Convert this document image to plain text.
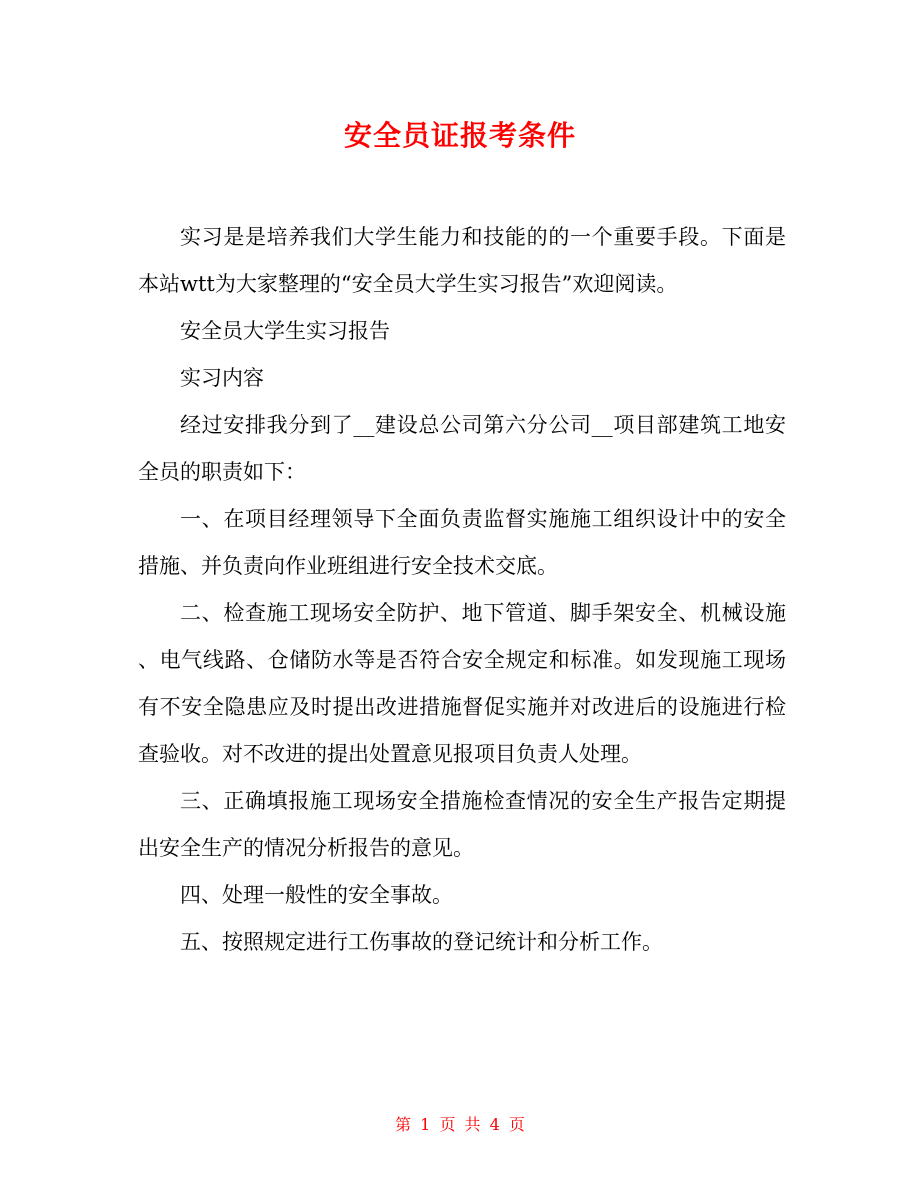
安全员证报考条件

实习是是培养我们大学生能力和技能的的一个重要手段。下面是本站wtt为大家整理的“安全员大学生实习报告”欢迎阅读。

安全员大学生实习报告

实习内容

经过安排我分到了__建设总公司第六分公司__项目部建筑工地安全员的职责如下：

一、在项目经理领导下全面负责监督实施施工组织设计中的安全措施、并负责向作业班组进行安全技术交底。

二、检查施工现场安全防护、地下管道、脚手架安全、机械设施、电气线路、仓储防水等是否符合安全规定和标准。如发现施工现场有不安全隐患应及时提出改进措施督促实施并对改进后的设施进行检查验收。对不改进的提出处置意见报项目负责人处理。

三、正确填报施工现场安全措施检查情况的安全生产报告定期提出安全生产的情况分析报告的意见。

四、处理一般性的安全事故。

五、按照规定进行工伤事故的登记统计和分析工作。

第 1 页 共 4 页
